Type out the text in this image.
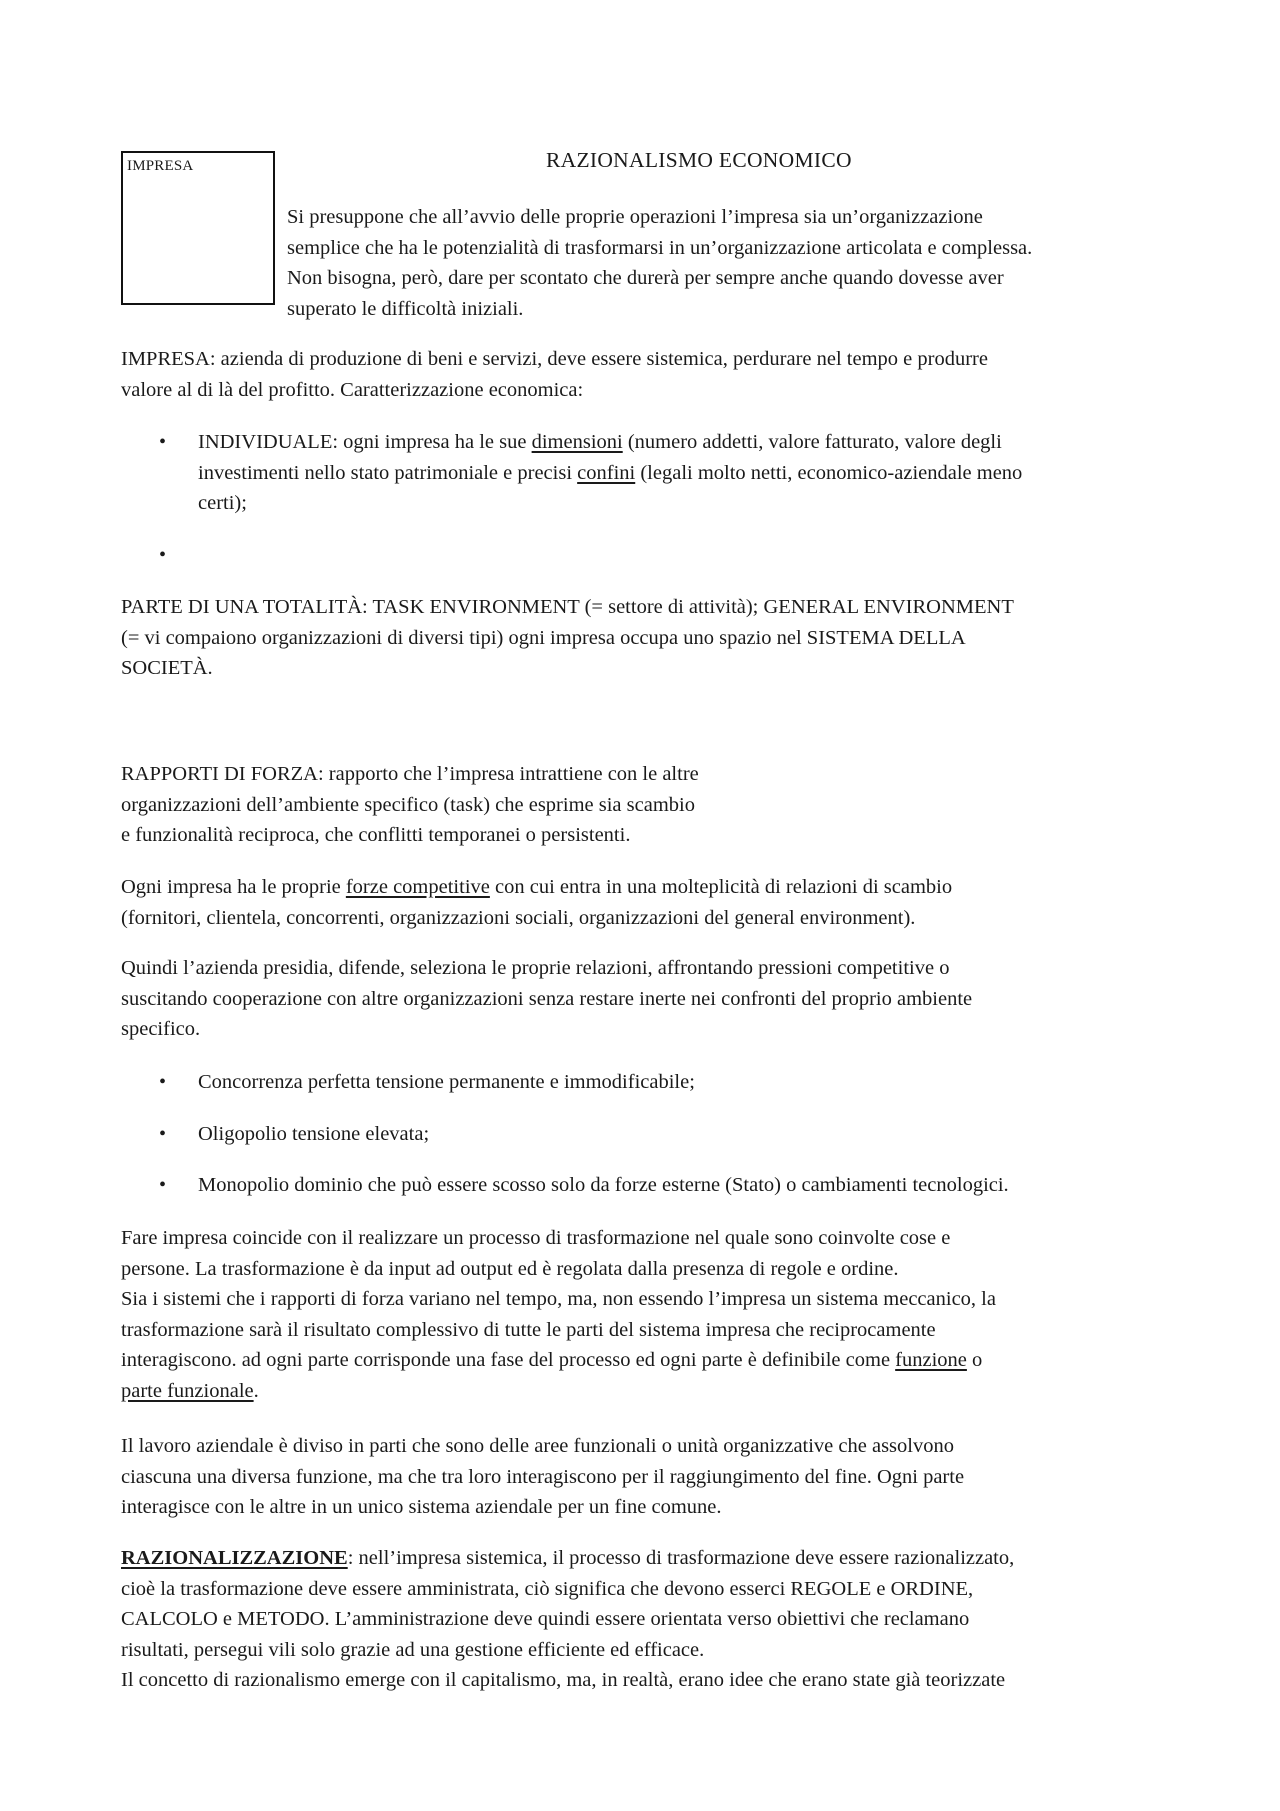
IMPRESA	RAZIONALISMO ECONOMICO
Si presuppone che all’avvio delle proprie operazioni l’impresa sia un’organizzazione
semplice che ha le potenzialità di trasformarsi in un’organizzazione articolata e complessa.
Non bisogna, però, dare per scontato che durerà per sempre anche quando dovesse aver
superato le difficoltà iniziali.
IMPRESA: azienda di produzione di beni e servizi, deve essere sistemica, perdurare nel tempo e produrre
valore al di là del profitto. Caratterizzazione economica:
• INDIVIDUALE: ogni impresa ha le sue dimensioni (numero addetti, valore fatturato, valore degli
investimenti nello stato patrimoniale e precisi confini (legali molto netti, economico-aziendale meno
certi);
•
PARTE DI UNA TOTALITÀ: TASK ENVIRONMENT (= settore di attività); GENERAL ENVIRONMENT
(= vi compaiono organizzazioni di diversi tipi) ogni impresa occupa uno spazio nel SISTEMA DELLA
SOCIETÀ.
RAPPORTI DI FORZA: rapporto che l’impresa intrattiene con le altre
organizzazioni dell’ambiente specifico (task) che esprime sia scambio
e funzionalità reciproca, che conflitti temporanei o persistenti.
Ogni impresa ha le proprie forze competitive con cui entra in una molteplicità di relazioni di scambio
(fornitori, clientela, concorrenti, organizzazioni sociali, organizzazioni del general environment).
Quindi l’azienda presidia, difende, seleziona le proprie relazioni, affrontando pressioni competitive o
suscitando cooperazione con altre organizzazioni senza restare inerte nei confronti del proprio ambiente
specifico.
• Concorrenza perfetta tensione permanente e immodificabile;
• Oligopolio tensione elevata;
• Monopolio dominio che può essere scosso solo da forze esterne (Stato) o cambiamenti tecnologici.
Fare impresa coincide con il realizzare un processo di trasformazione nel quale sono coinvolte cose e
persone. La trasformazione è da input ad output ed è regolata dalla presenza di regole e ordine.
Sia i sistemi che i rapporti di forza variano nel tempo, ma, non essendo l’impresa un sistema meccanico, la
trasformazione sarà il risultato complessivo di tutte le parti del sistema impresa che reciprocamente
interagiscono. ad ogni parte corrisponde una fase del processo ed ogni parte è definibile come funzione o
parte funzionale.
Il lavoro aziendale è diviso in parti che sono delle aree funzionali o unità organizzative che assolvono
ciascuna una diversa funzione, ma che tra loro interagiscono per il raggiungimento del fine. Ogni parte
interagisce con le altre in un unico sistema aziendale per un fine comune.
RAZIONALIZZAZIONE: nell’impresa sistemica, il processo di trasformazione deve essere razionalizzato,
cioè la trasformazione deve essere amministrata, ciò significa che devono esserci REGOLE e ORDINE,
CALCOLO e METODO. L’amministrazione deve quindi essere orientata verso obiettivi che reclamano
risultati, persegui vili solo grazie ad una gestione efficiente ed efficace.
Il concetto di razionalismo emerge con il capitalismo, ma, in realtà, erano idee che erano state già teorizzate
